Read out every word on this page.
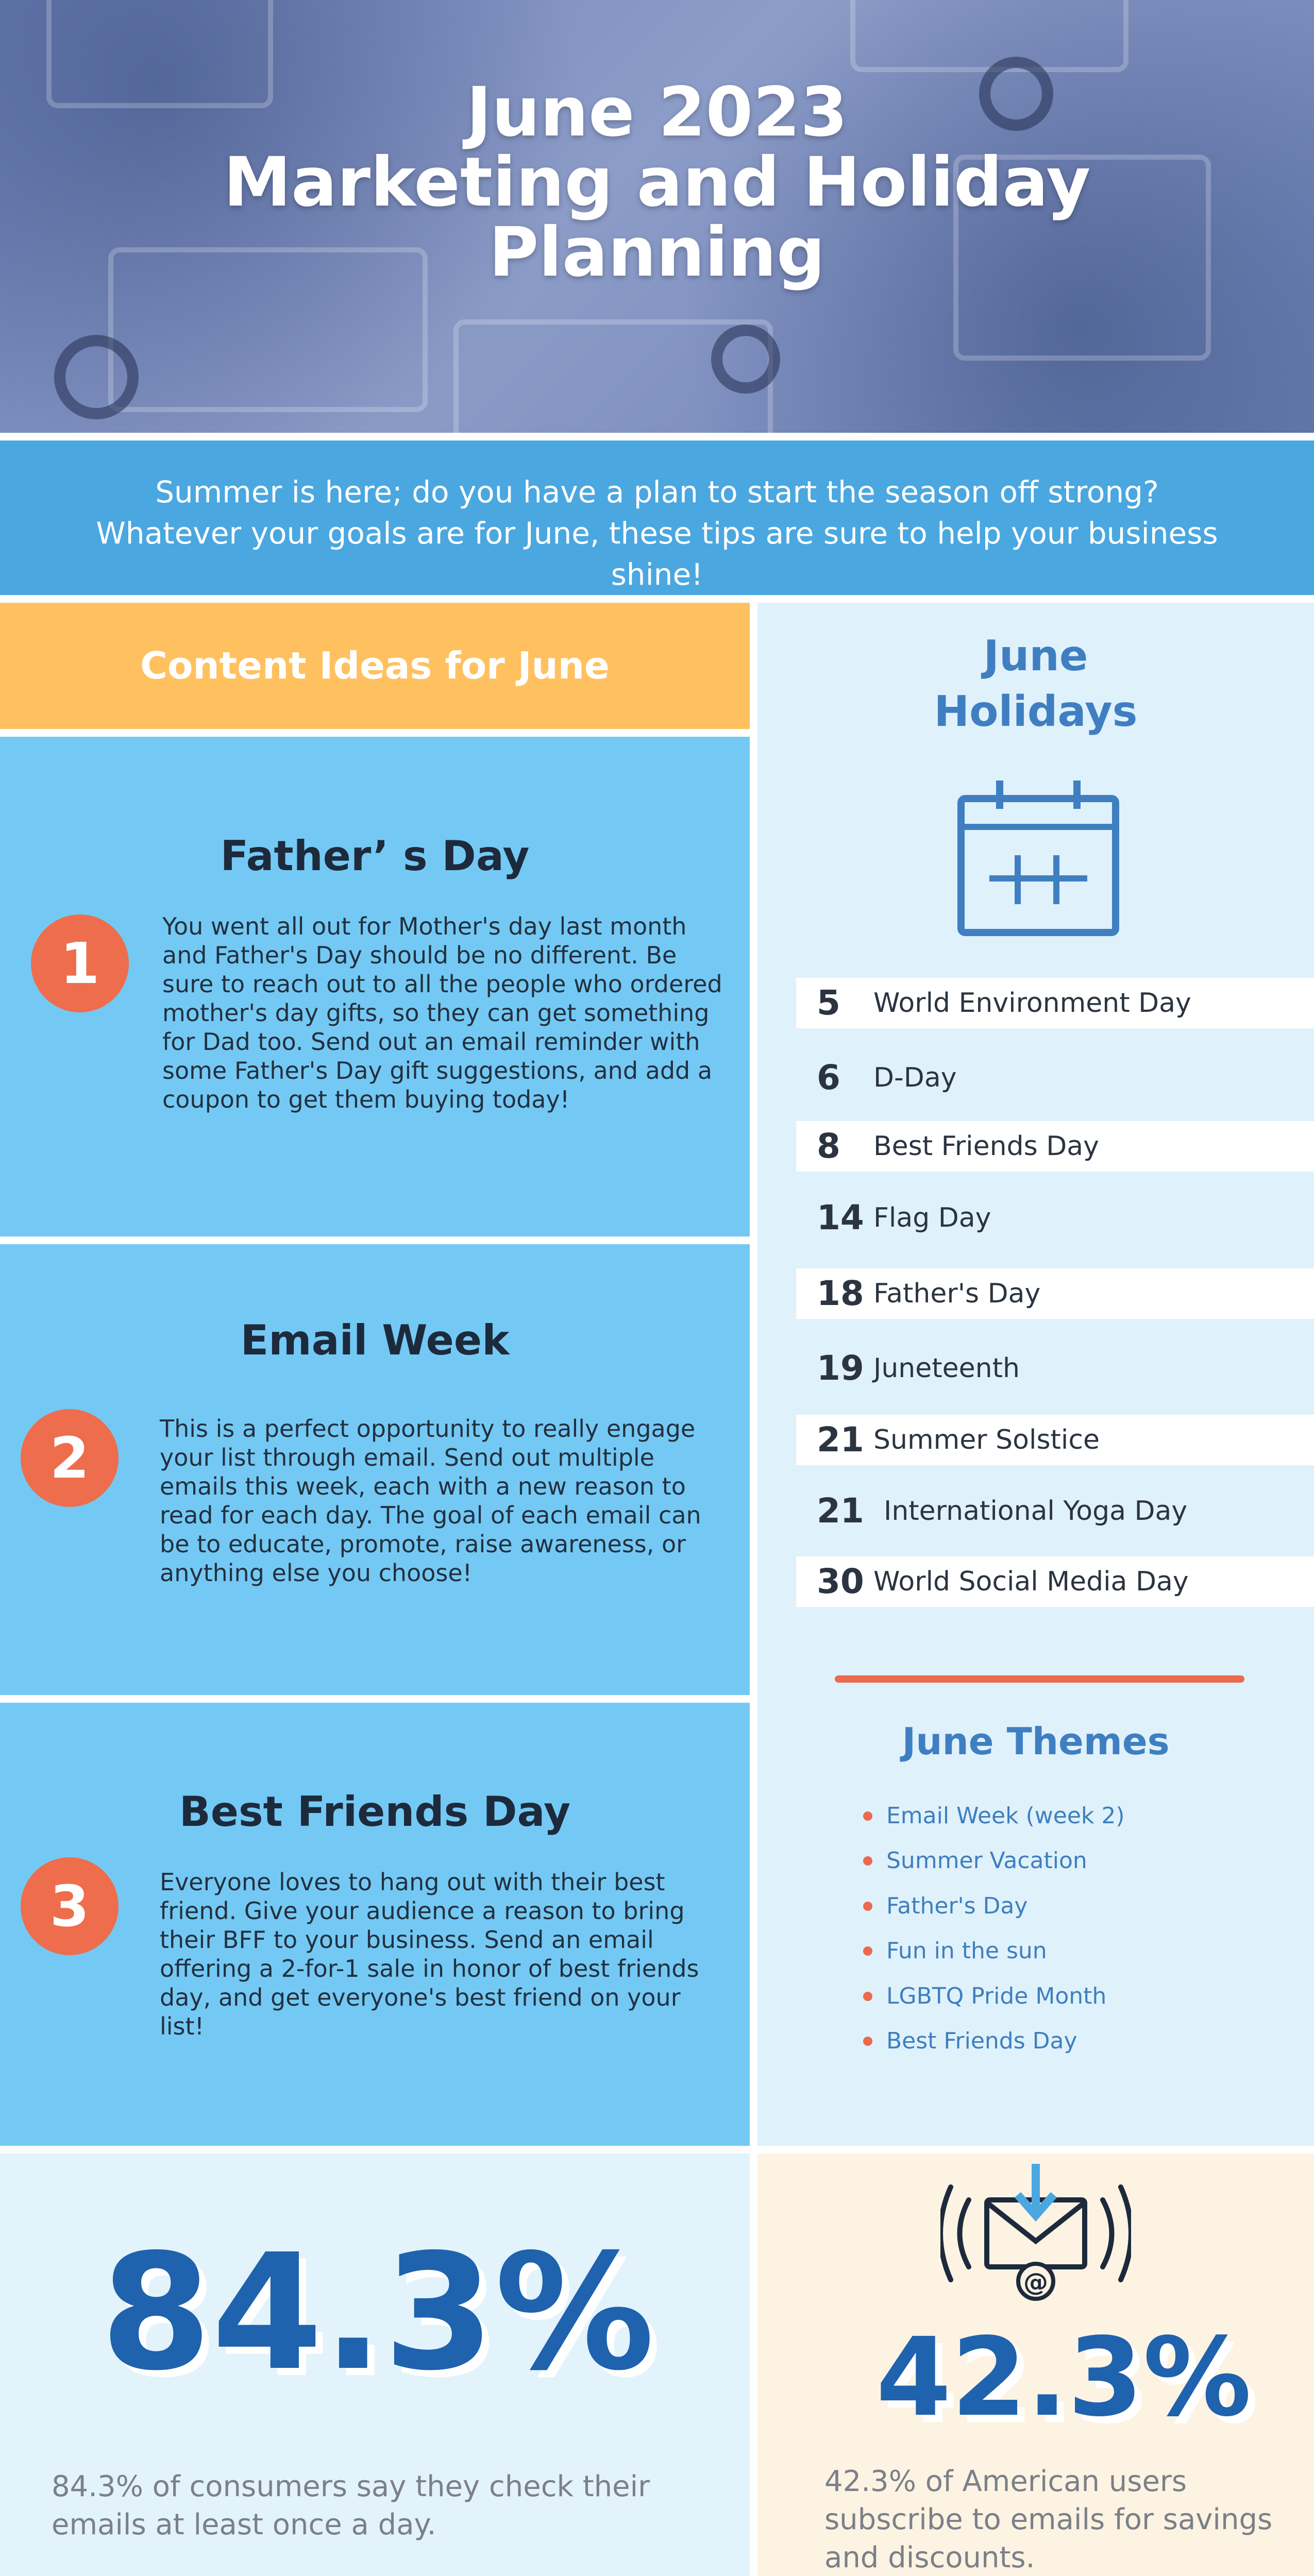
June 2023
Marketing and Holiday
Planning
Summer is here; do you have a plan to start the season off strong? Whatever your goals are for June, these tips are sure to help your business shine!
Content Ideas for June
Father’ s Day
1

You went all out for Mother's day last month and Father's Day should be no different. Be sure to reach out to all the people who ordered mother's day gifts, so they can get something for Dad too. Send out an email reminder with some Father's Day gift suggestions, and add a coupon to get them buying today!

Email Week
2	This is a perfect opportunity to really engage your list through email. Send out multiple emails this week, each with a new reason to read for each day. The goal of each email can be to educate, promote, raise awareness, or anything else you choose!

Best Friends Day
3	Everyone loves to hang out with their best friend. Give your audience a reason to bring their BFF to your business. Send an email offering a 2-for-1 sale in honor of best friends day, and get everyone's best friend on your list!

June
Holidays
5 World Environment Day
6 D-Day
8 Best Friends Day
14 Flag Day
18 Father's Day
19 Juneteenth
21 Summer Solstice
21 International Yoga Day
30 World Social Media Day
June Themes
Email Week (week 2)
Summer Vacation
Father's Day
Fun in the sun
LGBTQ Pride Month
Best Friends Day
84.3%
84.3% of consumers say they check their emails at least once a day.
@
42.3%
42.3% of American users subscribe to emails for savings and discounts.
